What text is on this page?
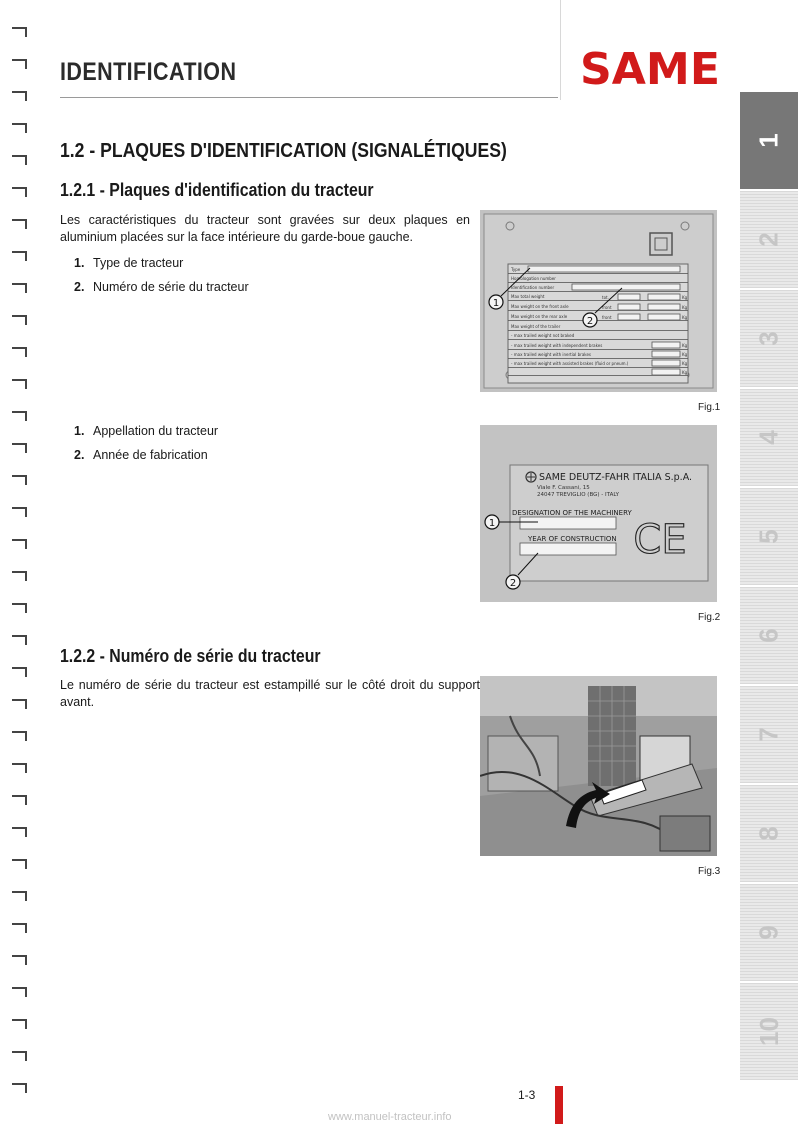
IDENTIFICATION	SAME
1
2
3
4
5
6
7
8
9
10
1.2 - PLAQUES D'IDENTIFICATION (SIGNALÉTIQUES)
1.2.1 - Plaques d'identification du tracteur

Les caractéristiques du tracteur sont gravées sur deux plaques en aluminium placées sur la face intérieure du garde-boue gauche.

1. Type de tracteur
2. Numéro de série du tracteur
1. Appellation du tracteur
2. Année de fabrication
1.2.2 - Numéro de série du tracteur

Le numéro de série du tracteur est estampillé sur le côté droit du support avant.

Type
Homologation number
Identification number
Max total weight
Max weight on the front axle
Max weight on the rear axle
Max weight of the trailer
- max trailed weight not braked
- max trailed weight with independent brakes
- max trailed weight with inertial brakes
- max trailed weight with assisted brakes (fluid or pneum.)
tot.
front
front
Kg
Kg
Kg
Kg
Kg
Kg
Kg
1
2
Fig.1
SAME DEUTZ-FAHR ITALIA S.p.A.
Viale F. Cassani, 15
24047 TREVIGLIO (BG) - ITALY
DESIGNATION OF THE MACHINERY
YEAR OF CONSTRUCTION CE
1
2
Fig.2
Fig.3
1-3
www.manuel-tracteur.info
